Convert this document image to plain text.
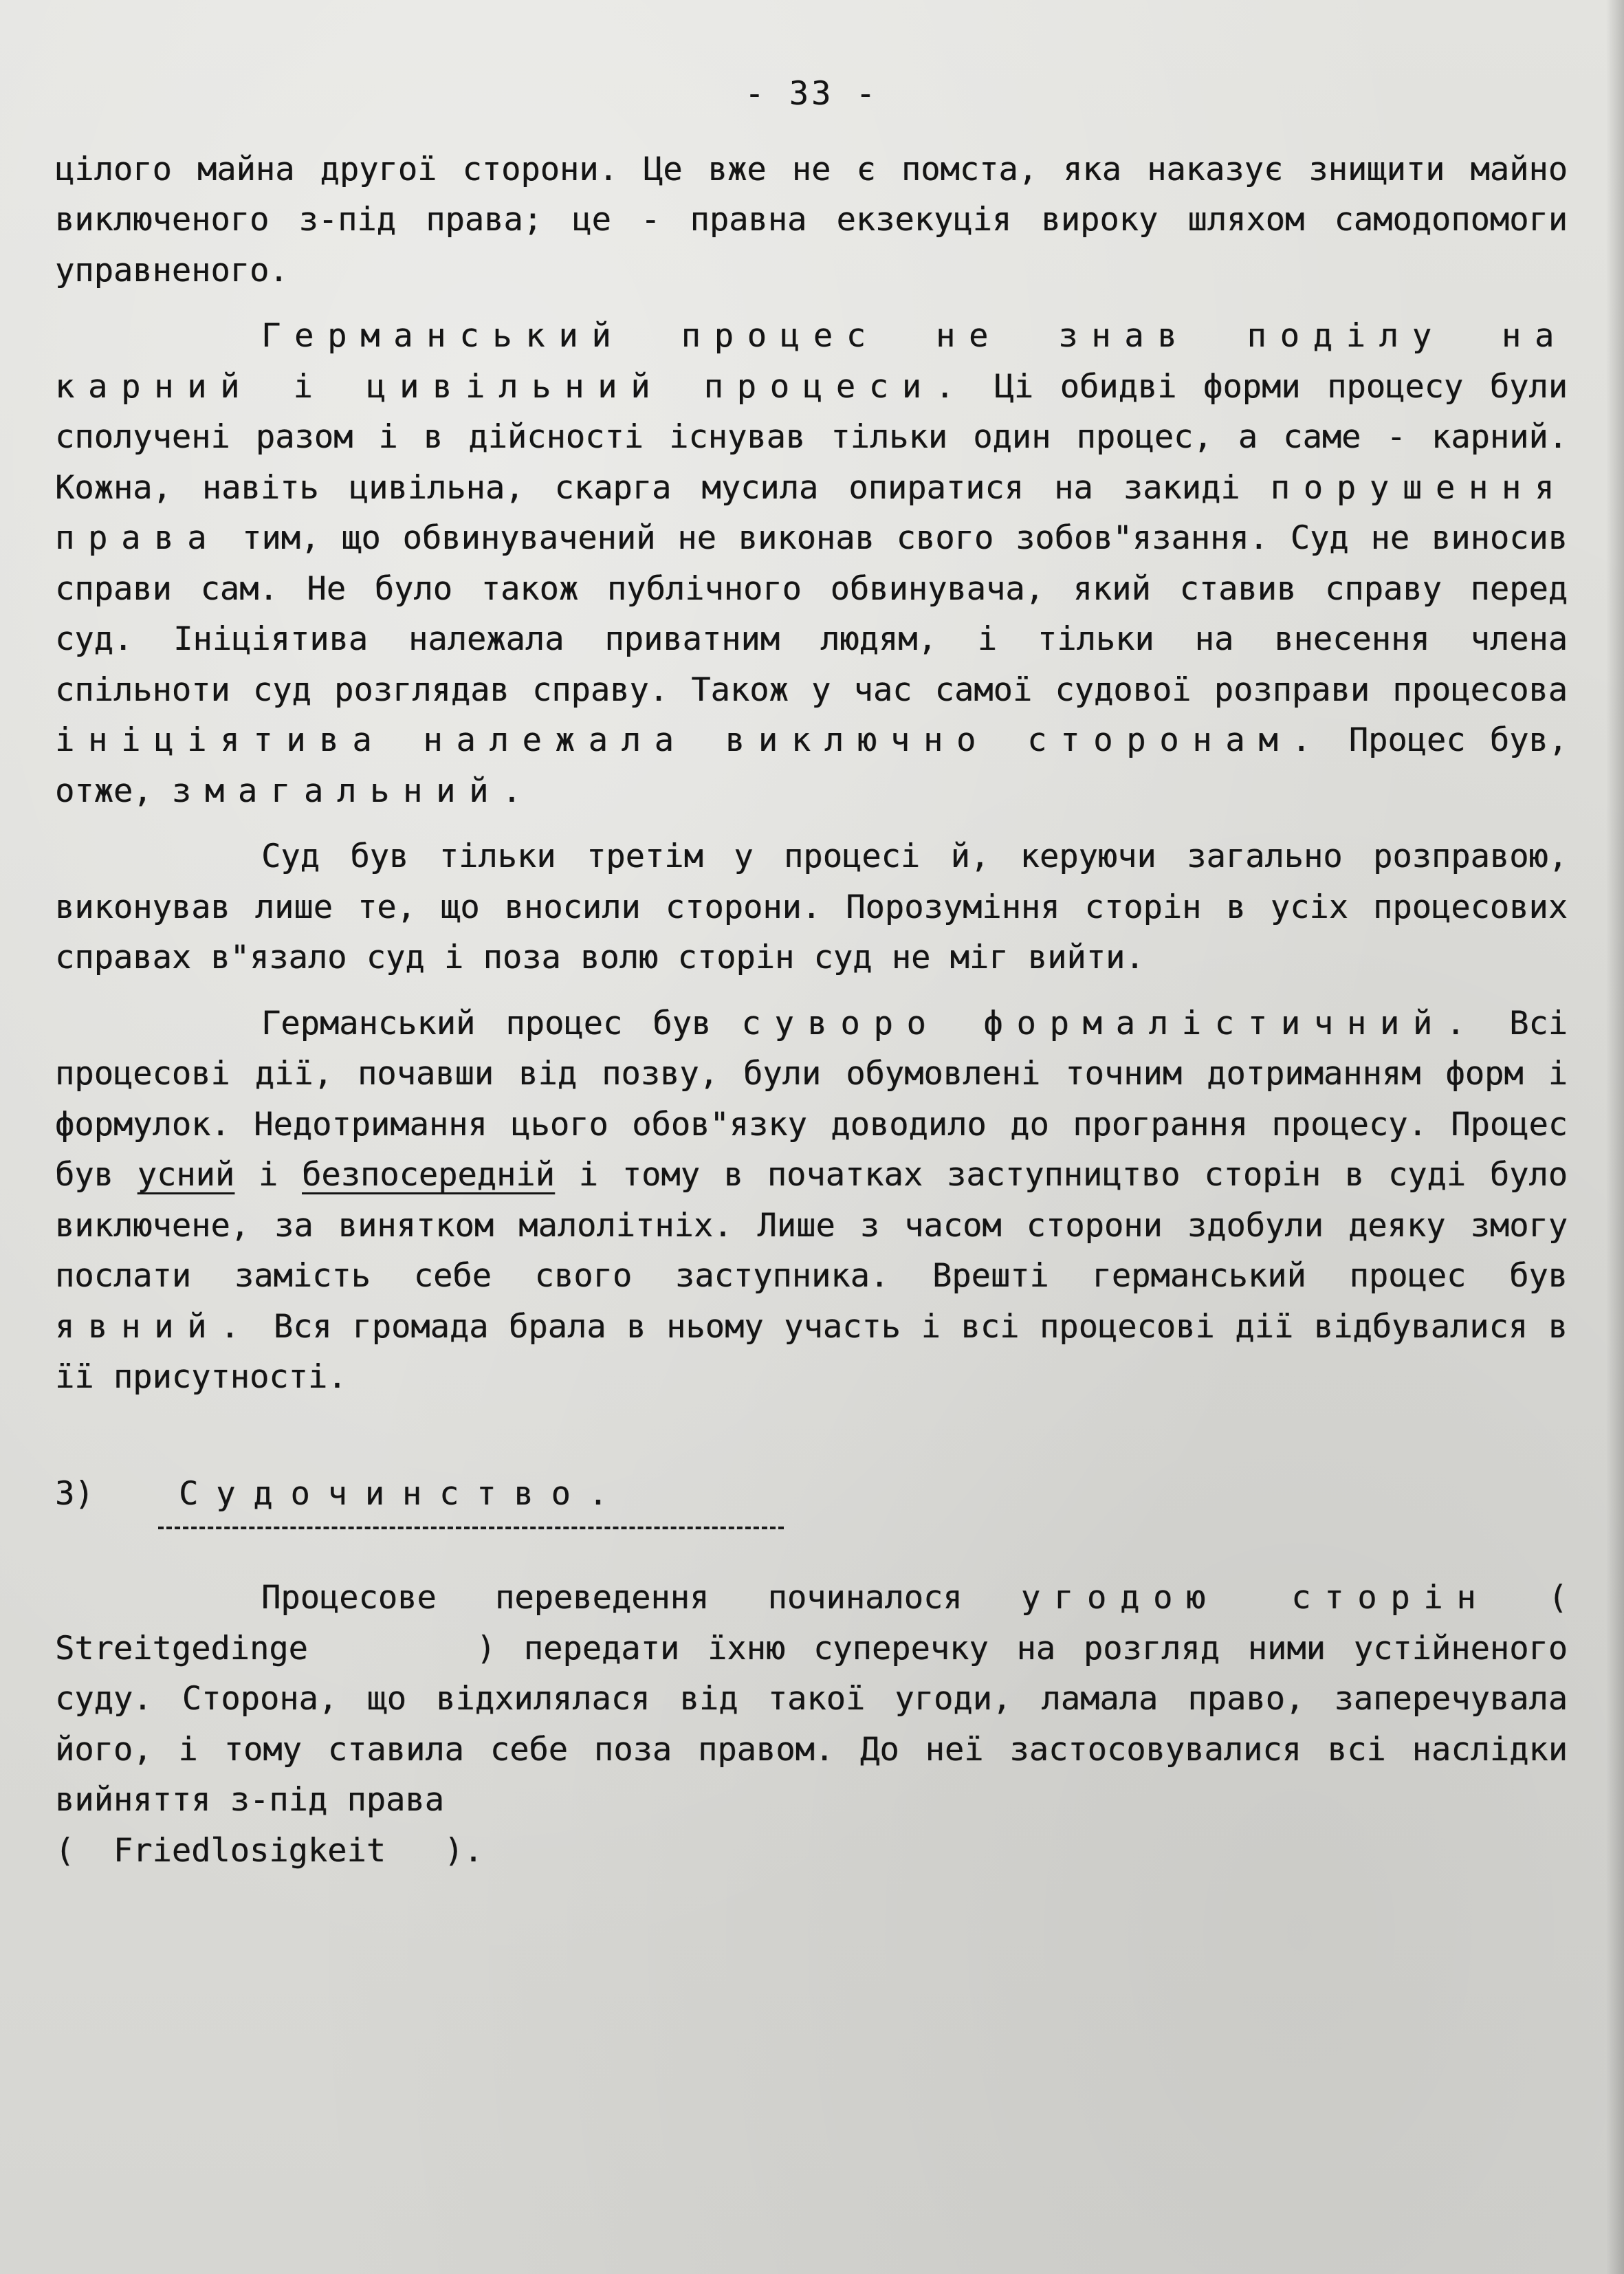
- 33 -

цілого майна другої сторони. Це вже не є помста, яка наказує знищити майно виключеного з-під права; це - правна екзекуція вироку шляхом самодопомоги управненого.

Германський процес не знав поділу на карний і цивільний процеси. Ці обидві форми процесу були сполучені разом і в дійсності існував тільки один процес, а саме - карний. Кожна, навіть цивільна, скарга мусила опиратися на закиді порушення права тим, що обвинувачений не виконав свого зобов"язання. Суд не виносив справи сам. Не було також публічного обвинувача, який ставив справу перед суд. Ініціятива належала приватним людям, і тільки на внесення члена спільноти суд розглядав справу. Також у час самої судової розправи процесова ініціятива належала виключно сторонам. Процес був, отже, змагальний.

Суд був тільки третім у процесі й, керуючи загально розправою, виконував лише те, що вносили сторони. Порозуміння сторін в усіх процесових справах в"язало суд і поза волю сторін суд не міг вийти.

Германський процес був суворо формалістичний. Всі процесові дії, почавши від позву, були обумовлені точним дотриманням форм і формулок. Недотримання цього обов"язку доводило до програння процесу. Процес був усний і безпосередній і тому в початках заступництво сторін в суді було виключене, за винятком малолітніх. Лише з часом сторони здобули деяку змогу послати замість себе свого заступника. Врешті германський процес був явний. Вся громада брала в ньому участь і всі процесові дії відбувалися в її присутності.

3)	Судочинство.

Процесове переведення починалося угодою сторін ( Streitgedinge      ) передати їхню суперечку на розгляд ними устійненого суду. Сторона, що відхилялася від такої угоди, ламала право, заперечувала його, і тому ставила себе поза правом. До неї застосовувалися всі наслідки вийняття з-під права

(  Friedlosigkeit   ).
